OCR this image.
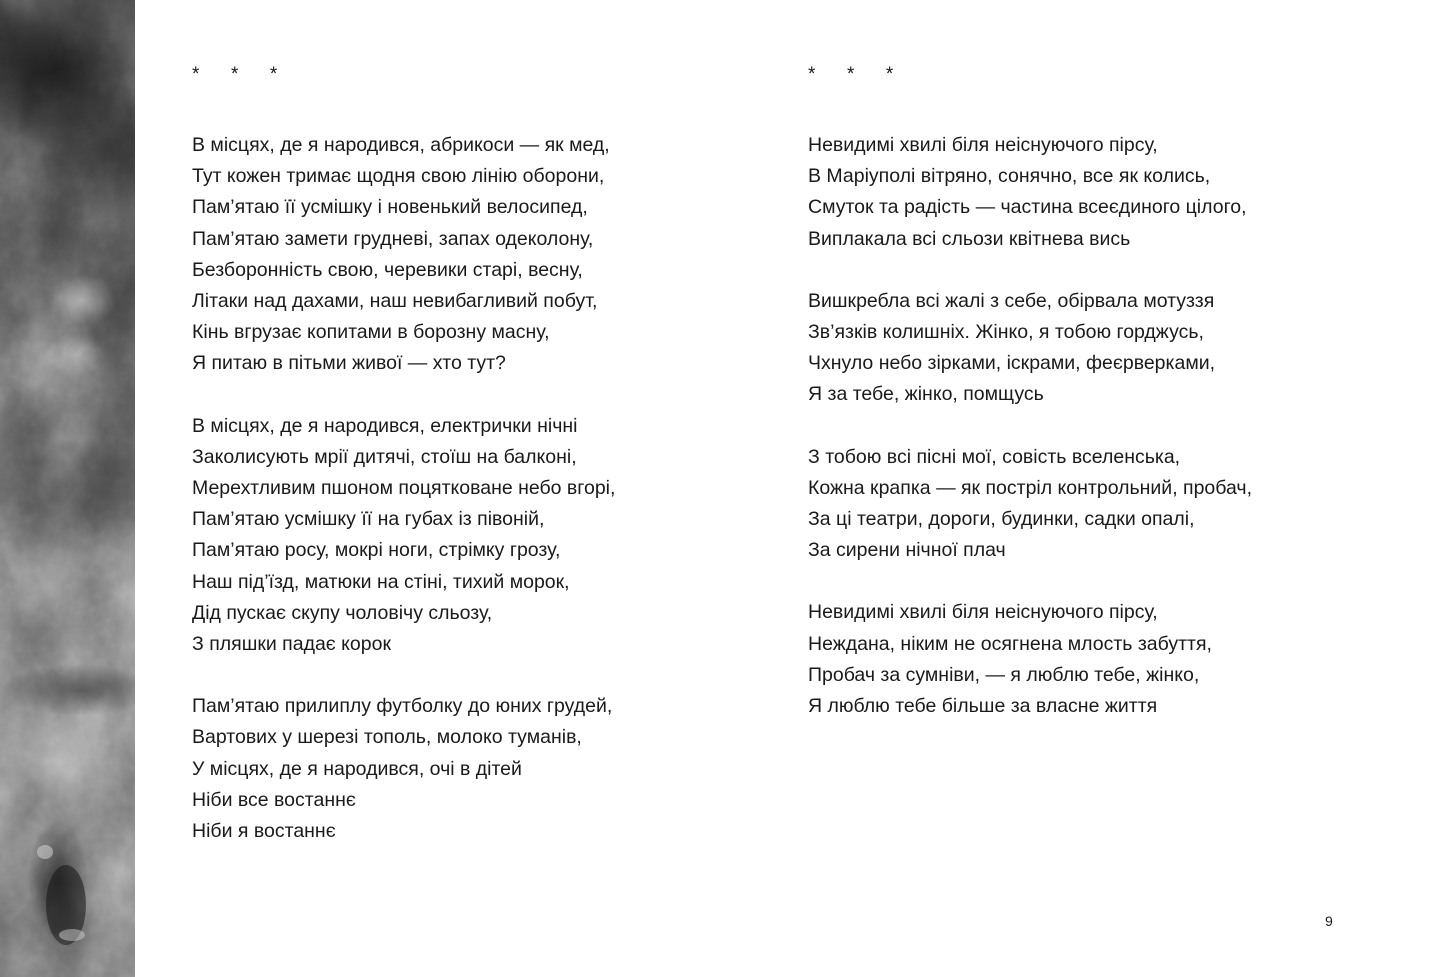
*  *  *
В місцях, де я народився, абрикоси — як мед,
Тут кожен тримає щодня свою лінію оборони,
Пам’ятаю її усмішку і новенький велосипед,
Пам’ятаю замети грудневі, запах одеколону,
Безборонність свою, черевики старі, весну,
Літаки над дахами, наш невибагливий побут,
Кінь вгрузає копитами в борозну масну,
Я питаю в пітьми живої — хто тут?
В місцях, де я народився, електрички нічні
Заколисують мрії дитячі, стоїш на балконі,
Мерехтливим пшоном поцятковане небо вгорі,
Пам’ятаю усмішку її на губах із півоній,
Пам’ятаю росу, мокрі ноги, стрімку грозу,
Наш під’їзд, матюки на стіні, тихий морок,
Дід пускає скупу чоловічу сльозу,
З пляшки падає корок
Пам’ятаю прилиплу футболку до юних грудей,
Вартових у шерезі тополь, молоко туманів,
У місцях, де я народився, очі в дітей
Ніби все востаннє
Ніби я востаннє
*  *  *
Невидимі хвилі біля неіснуючого пірсу,
В Маріуполі вітряно, сонячно, все як колись,
Смуток та радість — частина всеєдиного цілого,
Виплакала всі сльози квітнева вись
Вишкребла всі жалі з себе, обірвала мотуззя
Зв’язків колишніх. Жінко, я тобою горджусь,
Чхнуло небо зірками, іскрами, феєрверками,
Я за тебе, жінко, помщусь
З тобою всі пісні мої, совість вселенська,
Кожна крапка — як постріл контрольний, пробач,
За ці театри, дороги, будинки, садки опалі,
За сирени нічної плач
Невидимі хвилі біля неіснуючого пірсу,
Неждана, ніким не осягнена млость забуття,
Пробач за сумніви, — я люблю тебе, жінко,
Я люблю тебе більше за власне життя
9
